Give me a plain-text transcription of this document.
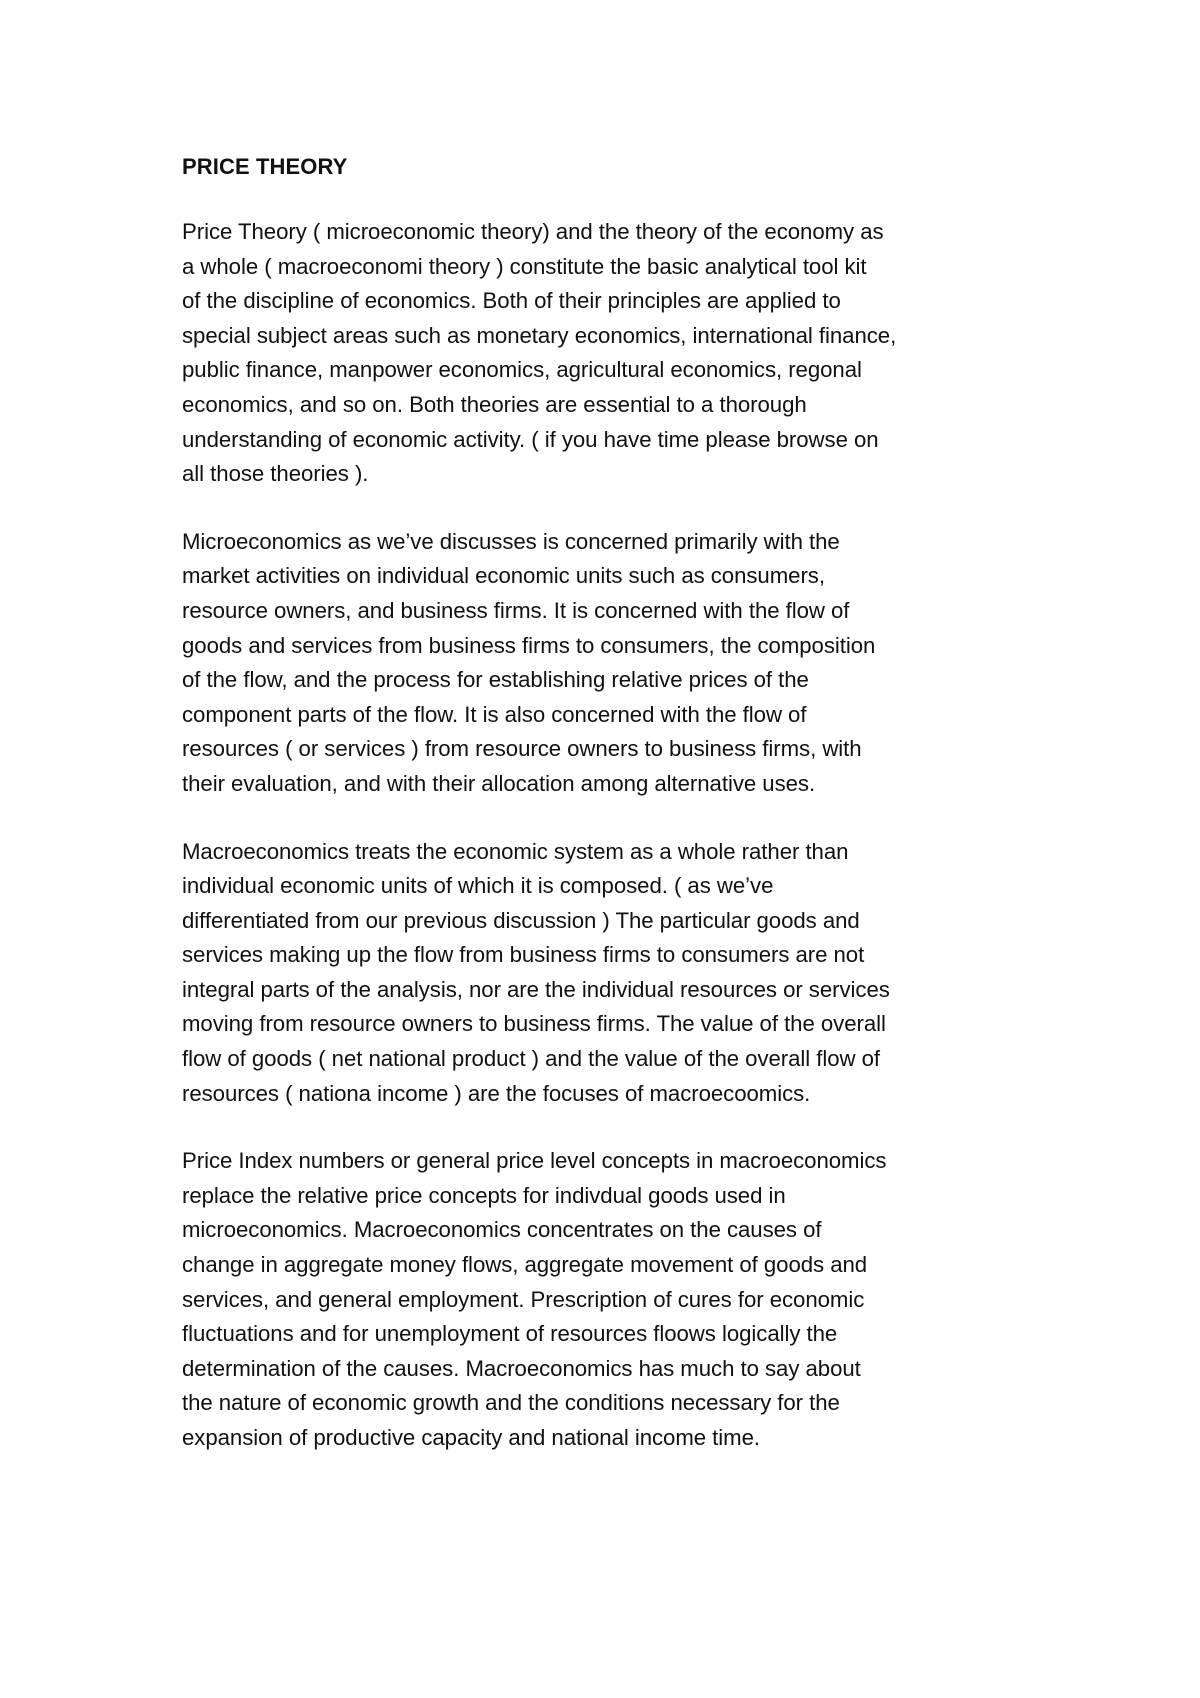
PRICE THEORY
Price Theory ( microeconomic theory) and the theory of the economy as
a whole ( macroeconomi theory ) constitute the basic analytical tool kit
of the discipline of economics. Both of their principles are applied to
special subject areas such as monetary economics, international finance,
public finance, manpower economics, agricultural economics, regonal
economics, and so on. Both theories are essential to a thorough
understanding of economic activity. ( if you have time please browse on
all those theories ).
Microeconomics as we’ve discusses is concerned primarily with the
market activities on individual economic units such as consumers,
resource owners, and business firms. It is concerned with the flow of
goods and services from business firms to consumers, the composition
of the flow, and the process for establishing relative prices of the
component parts of the flow. It is also concerned with the flow of
resources ( or services ) from resource owners to business firms, with
their evaluation, and with their allocation among alternative uses.
Macroeconomics treats the economic system as a whole rather than
individual economic units of which it is composed. ( as we’ve
differentiated from our previous discussion ) The particular goods and
services making up the flow from business firms to consumers are not
integral parts of the analysis, nor are the individual resources or services
moving from resource owners to business firms. The value of the overall
flow of goods ( net national product ) and the value of the overall flow of
resources ( nationa income ) are the focuses of macroecoomics.
Price Index numbers or general price level concepts in macroeconomics
replace the relative price concepts for indivdual goods used in
microeconomics. Macroeconomics concentrates on the causes of
change in aggregate money flows, aggregate movement of goods and
services, and general employment. Prescription of cures for economic
fluctuations and for unemployment of resources floows logically the
determination of the causes. Macroeconomics has much to say about
the nature of economic growth and the conditions necessary for the
expansion of productive capacity and national income time.
